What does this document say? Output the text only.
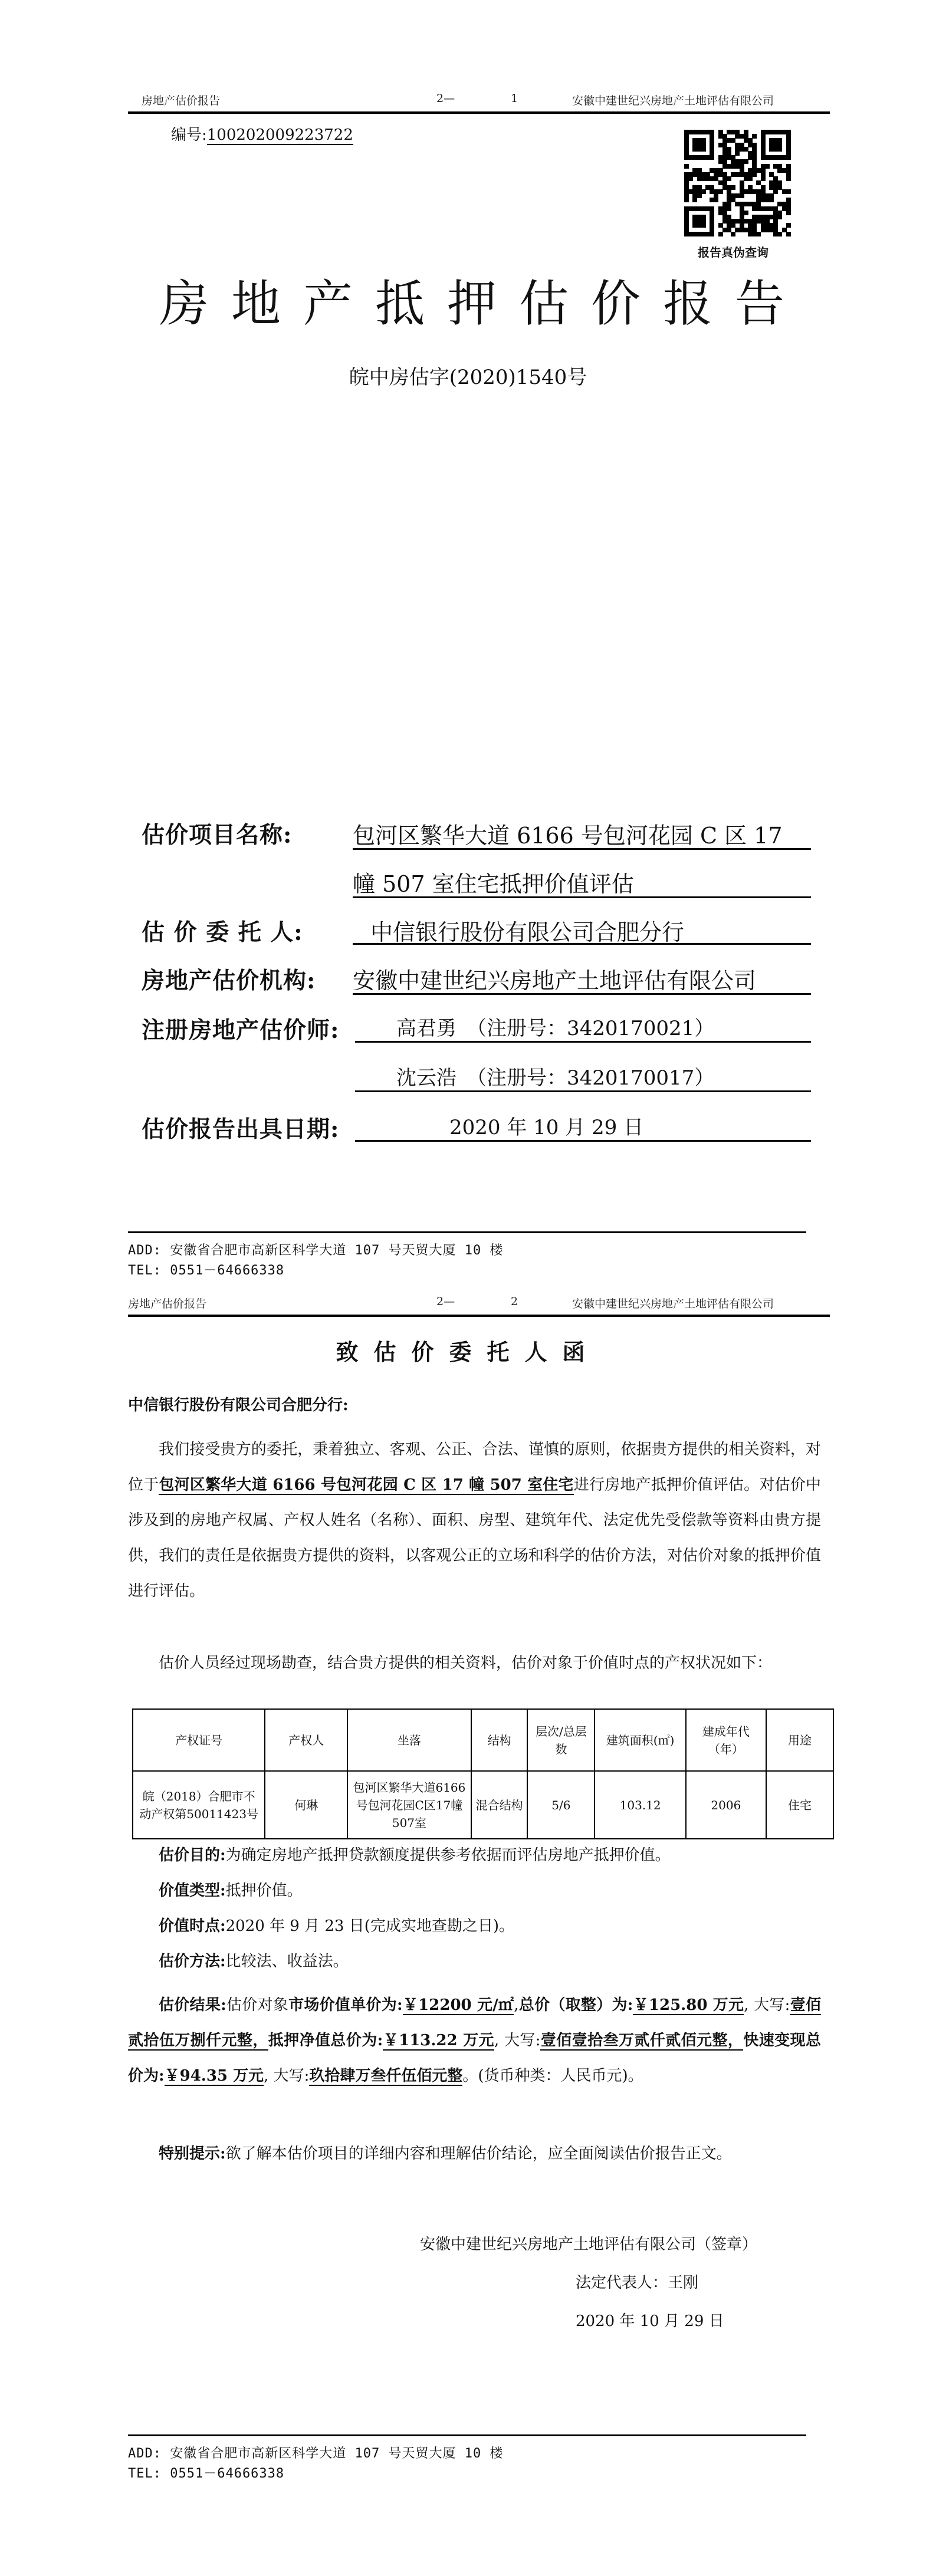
房地产估价报告	2—	1	安徽中建世纪兴房地产土地评估有限公司
编号:100202009223722
报告真伪查询
房地产抵押估价报告
皖中房估字(2020)1540号
估价项目名称:	包河区繁华大道 6166 号包河花园 C 区 17
幢 507 室住宅抵押价值评估
估 价 委 托 人:	中信银行股份有限公司合肥分行
房地产估价机构: 安徽中建世纪兴房地产土地评估有限公司
注册房地产估价师:	高君勇　（注册号：3420170021）
沈云浩　（注册号：3420170017）
估价报告出具日期:	2020 年 10 月 29 日
ADD: 安徽省合肥市高新区科学大道 107 号天贸大厦 10 楼
TEL: 0551－64666338
房地产估价报告	2—	2	安徽中建世纪兴房地产土地评估有限公司
致估价委托人函
中信银行股份有限公司合肥分行:
我们接受贵方的委托，秉着独立、客观、公正、合法、谨慎的原则，依据贵方提供的相关资料，对位于包河区繁华大道 6166 号包河花园 C 区 17 幢 507 室住宅进行房地产抵押价值评估。对估价中涉及到的房地产权属、产权人姓名（名称）、面积、房型、建筑年代、法定优先受偿款等资料由贵方提供，我们的责任是依据贵方提供的资料，以客观公正的立场和科学的估价方法，对估价对象的抵押价值进行评估。
估价人员经过现场勘查，结合贵方提供的相关资料，估价对象于价值时点的产权状况如下：
产权证号	产权人	坐落	结构	层次/总层数	建筑面积(㎡)	建成年代（年）	用途
皖（2018）合肥市不动产权第50011423号	何琳	包河区繁华大道6166号包河花园C区17幢507室	混合结构	5/6	103.12	2006	住宅
估价目的:为确定房地产抵押贷款额度提供参考依据而评估房地产抵押价值。
价值类型:抵押价值。
价值时点:2020 年 9 月 23 日(完成实地查勘之日)。
估价方法:比较法、收益法。
估价结果:估价对象市场价值单价为:￥12200 元/㎡,总价（取整）为:￥125.80 万元, 大写:壹佰贰拾伍万捌仟元整，抵押净值总价为:￥113.22 万元, 大写:壹佰壹拾叁万贰仟贰佰元整，快速变现总价为:￥94.35 万元, 大写:玖拾肆万叁仟伍佰元整。(货币种类：人民币元)。
特别提示:欲了解本估价项目的详细内容和理解估价结论，应全面阅读估价报告正文。
安徽中建世纪兴房地产土地评估有限公司（签章）
法定代表人：王刚
2020 年 10 月 29 日
ADD: 安徽省合肥市高新区科学大道 107 号天贸大厦 10 楼
TEL: 0551－64666338
